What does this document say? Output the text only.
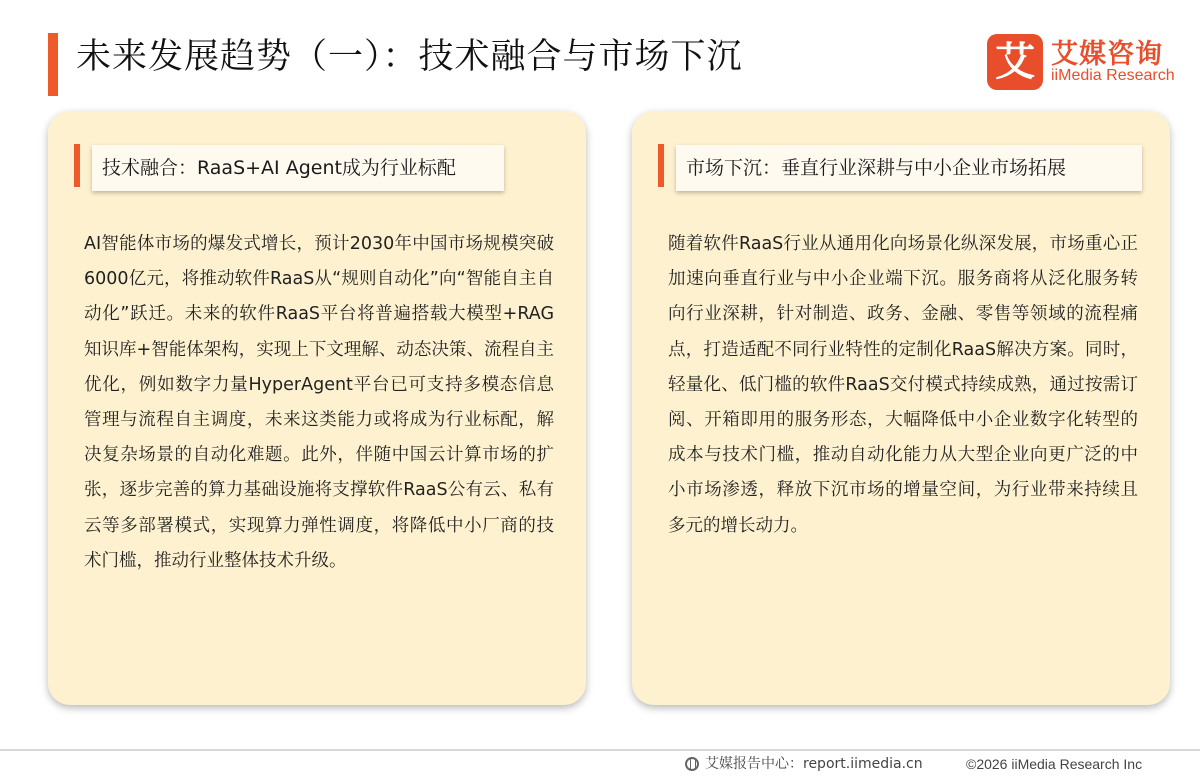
未来发展趋势（一）：技术融合与市场下沉	艾 艾媒咨询
iiMedia Research
技术融合：RaaS+AI Agent成为行业标配
AI智能体市场的爆发式增长，预计2030年中国市场规模突破6000亿元，将推动软件RaaS从“规则自动化”向“智能自主自动化”跃迁。未来的软件RaaS平台将普遍搭载大模型+RAG知识库+智能体架构，实现上下文理解、动态决策、流程自主优化，例如数字力量HyperAgent平台已可支持多模态信息管理与流程自主调度，未来这类能力或将成为行业标配，解决复杂场景的自动化难题。此外，伴随中国云计算市场的扩张，逐步完善的算力基础设施将支撑软件RaaS公有云、私有云等多部署模式，实现算力弹性调度，将降低中小厂商的技术门槛，推动行业整体技术升级。
市场下沉：垂直行业深耕与中小企业市场拓展
随着软件RaaS行业从通用化向场景化纵深发展，市场重心正加速向垂直行业与中小企业端下沉。服务商将从泛化服务转向行业深耕，针对制造、政务、金融、零售等领域的流程痛点，打造适配不同行业特性的定制化RaaS解决方案。同时，轻量化、低门槛的软件RaaS交付模式持续成熟，通过按需订阅、开箱即用的服务形态，大幅降低中小企业数字化转型的成本与技术门槛，推动自动化能力从大型企业向更广泛的中小市场渗透，释放下沉市场的增量空间，为行业带来持续且多元的增长动力。
艾媒报告中心：report.iimedia.cn	©2026 iiMedia Research Inc
